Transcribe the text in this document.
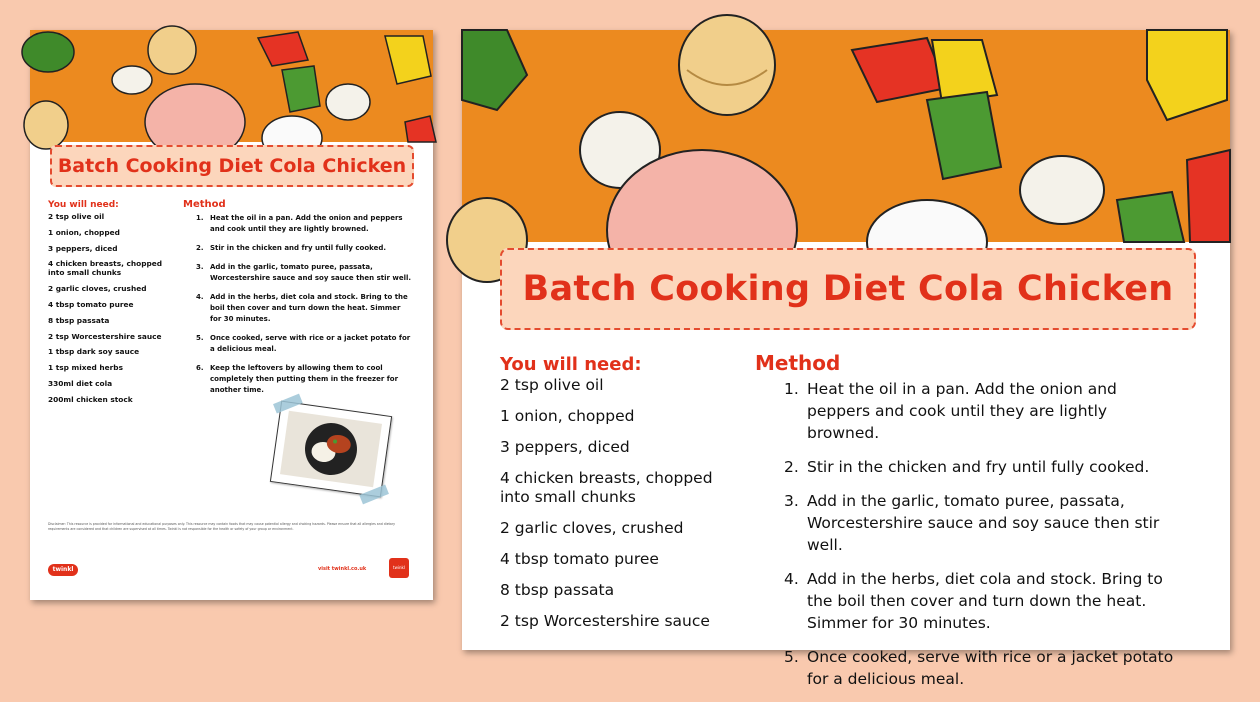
Batch Cooking Diet Cola Chicken
You will need:	Method
2 tsp olive oil
1 onion, chopped
3 peppers, diced
4 chicken breasts, chopped into small chunks
2 garlic cloves, crushed
4 tbsp tomato puree
8 tbsp passata
2 tsp Worcestershire sauce
1 tbsp dark soy sauce
1 tsp mixed herbs
330ml diet cola
200ml chicken stock
1. Heat the oil in a pan. Add the onion and peppers and cook until they are lightly browned.
2. Stir in the chicken and fry until fully cooked.
3. Add in the garlic, tomato puree, passata, Worcestershire sauce and soy sauce then stir well.
4. Add in the herbs, diet cola and stock. Bring to the boil then cover and turn down the heat. Simmer for 30 minutes.
5. Once cooked, serve with rice or a jacket potato for a delicious meal.
6. Keep the leftovers by allowing them to cool completely then putting them in the freezer for another time.
Disclaimer: This resource is provided for informational and educational purposes only. This resource may contain foods that may cause potential allergy and choking hazards. Please ensure that all allergies and dietary requirements are considered and that children are supervised at all times. Twinkl is not responsible for the health or safety of your group or environment.
twinkl	visit twinkl.co.uk	twinkl
Batch Cooking Diet Cola Chicken
You will need:	Method
2 tsp olive oil
1 onion, chopped
3 peppers, diced
4 chicken breasts, chopped into small chunks
2 garlic cloves, crushed
4 tbsp tomato puree
8 tbsp passata
2 tsp Worcestershire sauce
1. Heat the oil in a pan. Add the onion and peppers and cook until they are lightly browned.
2. Stir in the chicken and fry until fully cooked.
3. Add in the garlic, tomato puree, passata, Worcestershire sauce and soy sauce then stir well.
4. Add in the herbs, diet cola and stock. Bring to the boil then cover and turn down the heat. Simmer for 30 minutes.
5. Once cooked, serve with rice or a jacket potato for a delicious meal.
